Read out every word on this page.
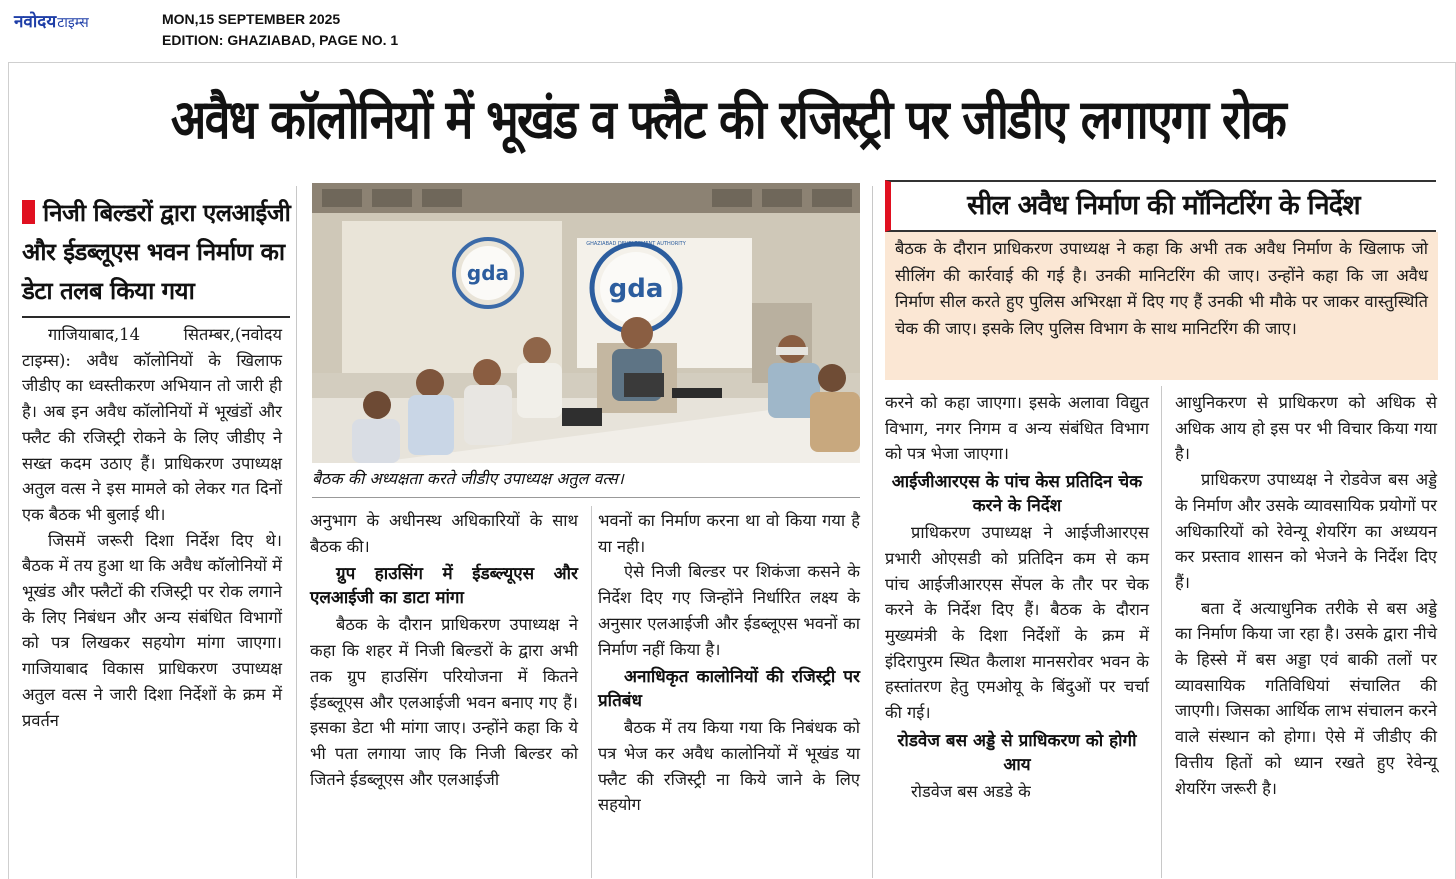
नवोदयटाइम्स	MON,15 SEPTEMBER 2025
EDITION: GHAZIABAD, PAGE NO. 1
अवैध कॉलोनियों में भूखंड व फ्लैट की रजिस्ट्री पर जीडीए लगाएगा रोक
निजी बिल्डरों द्वारा एलआईजी और ईडब्लूएस भवन निर्माण का डेटा तलब किया गया

गाजियाबाद,14 सितम्बर,(नवोदय टाइम्स): अवैध कॉलोनियों के खिलाफ जीडीए का ध्वस्तीकरण अभियान तो जारी ही है। अब इन अवैध कॉलोनियों में भूखंडों और फ्लैट की रजिस्ट्री रोकने के लिए जीडीए ने सख्त कदम उठाए हैं। प्राधिकरण उपाध्यक्ष अतुल वत्स ने इस मामले को लेकर गत दिनों एक बैठक भी बुलाई थी।

जिसमें जरूरी दिशा निर्देश दिए थे। बैठक में तय हुआ था कि अवैध कॉलोनियों में भूखंड और फ्लैटों की रजिस्ट्री पर रोक लगाने के लिए निबंधन और अन्य संबंधित विभागों को पत्र लिखकर सहयोग मांगा जाएगा। गाजियाबाद विकास प्राधिकरण उपाध्यक्ष अतुल वत्स ने जारी दिशा निर्देशों के क्रम में प्रवर्तन

gda
gda
GHAZIABAD DEVELOPMENT AUTHORITY
बैठक की अध्यक्षता करते जीडीए उपाध्यक्ष अतुल वत्स।

अनुभाग के अधीनस्थ अधिकारियों के साथ बैठक की।

ग्रुप हाउसिंग में ईडब्ल्यूएस और एलआईजी का डाटा मांगा

बैठक के दौरान प्राधिकरण उपाध्यक्ष ने कहा कि शहर में निजी बिल्डरों के द्वारा अभी तक ग्रुप हाउसिंग परियोजना में कितने ईडब्लूएस और एलआईजी भवन बनाए गए हैं। इसका डेटा भी मांगा जाए। उन्होंने कहा कि ये भी पता लगाया जाए कि निजी बिल्डर को जितने ईडब्लूएस और एलआईजी

भवनों का निर्माण करना था वो किया गया है या नही।

ऐसे निजी बिल्डर पर शिकंजा कसने के निर्देश दिए गए जिन्होंने निर्धारित लक्ष्य के अनुसार एलआईजी और ईडब्लूएस भवनों का निर्माण नहीं किया है।

अनाधिकृत कालोनियों की रजिस्ट्री पर प्रतिबंध

बैठक में तय किया गया कि निबंधक को पत्र भेज कर अवैध कालोनियों में भूखंड या फ्लैट की रजिस्ट्री ना किये जाने के लिए सहयोग

सील अवैध निर्माण की मॉनिटरिंग के निर्देश

बैठक के दौरान प्राधिकरण उपाध्यक्ष ने कहा कि अभी तक अवैध निर्माण के खिलाफ जो सीलिंग की कार्रवाई की गई है। उनकी मानिटरिंग की जाए। उन्होंने कहा कि जा अवैध निर्माण सील करते हुए पुलिस अभिरक्षा में दिए गए हैं उनकी भी मौके पर जाकर वास्तुस्थिति चेक की जाए। इसके लिए पुलिस विभाग के साथ मानिटरिंग की जाए।

करने को कहा जाएगा। इसके अलावा विद्युत विभाग, नगर निगम व अन्य संबंधित विभाग को पत्र भेजा जाएगा।

आईजीआरएस के पांच केस प्रतिदिन चेक करने के निर्देश

प्राधिकरण उपाध्यक्ष ने आईजीआरएस प्रभारी ओएसडी को प्रतिदिन कम से कम पांच आईजीआरएस सेंपल के तौर पर चेक करने के निर्देश दिए हैं। बैठक के दौरान मुख्यमंत्री के दिशा निर्देशों के क्रम में इंदिरापुरम स्थित कैलाश मानसरोवर भवन के हस्तांतरण हेतु एमओयू के बिंदुओं पर चर्चा की गई।

रोडवेज बस अड्डे से प्राधिकरण को होगी आय

रोडवेज बस अडडे के

आधुनिकरण से प्राधिकरण को अधिक से अधिक आय हो इस पर भी विचार किया गया है।

प्राधिकरण उपाध्यक्ष ने रोडवेज बस अड्डे के निर्माण और उसके व्यावसायिक प्रयोगों पर अधिकारियों को रेवेन्यू शेयरिंग का अध्ययन कर प्रस्ताव शासन को भेजने के निर्देश दिए हैं।

बता दें अत्याधुनिक तरीके से बस अड्डे का निर्माण किया जा रहा है। उसके द्वारा नीचे के हिस्से में बस अड्डा एवं बाकी तलों पर व्यावसायिक गतिविधियां संचालित की जाएगी। जिसका आर्थिक लाभ संचालन करने वाले संस्थान को होगा। ऐसे में जीडीए की वित्तीय हितों को ध्यान रखते हुए रेवेन्यू शेयरिंग जरूरी है।
